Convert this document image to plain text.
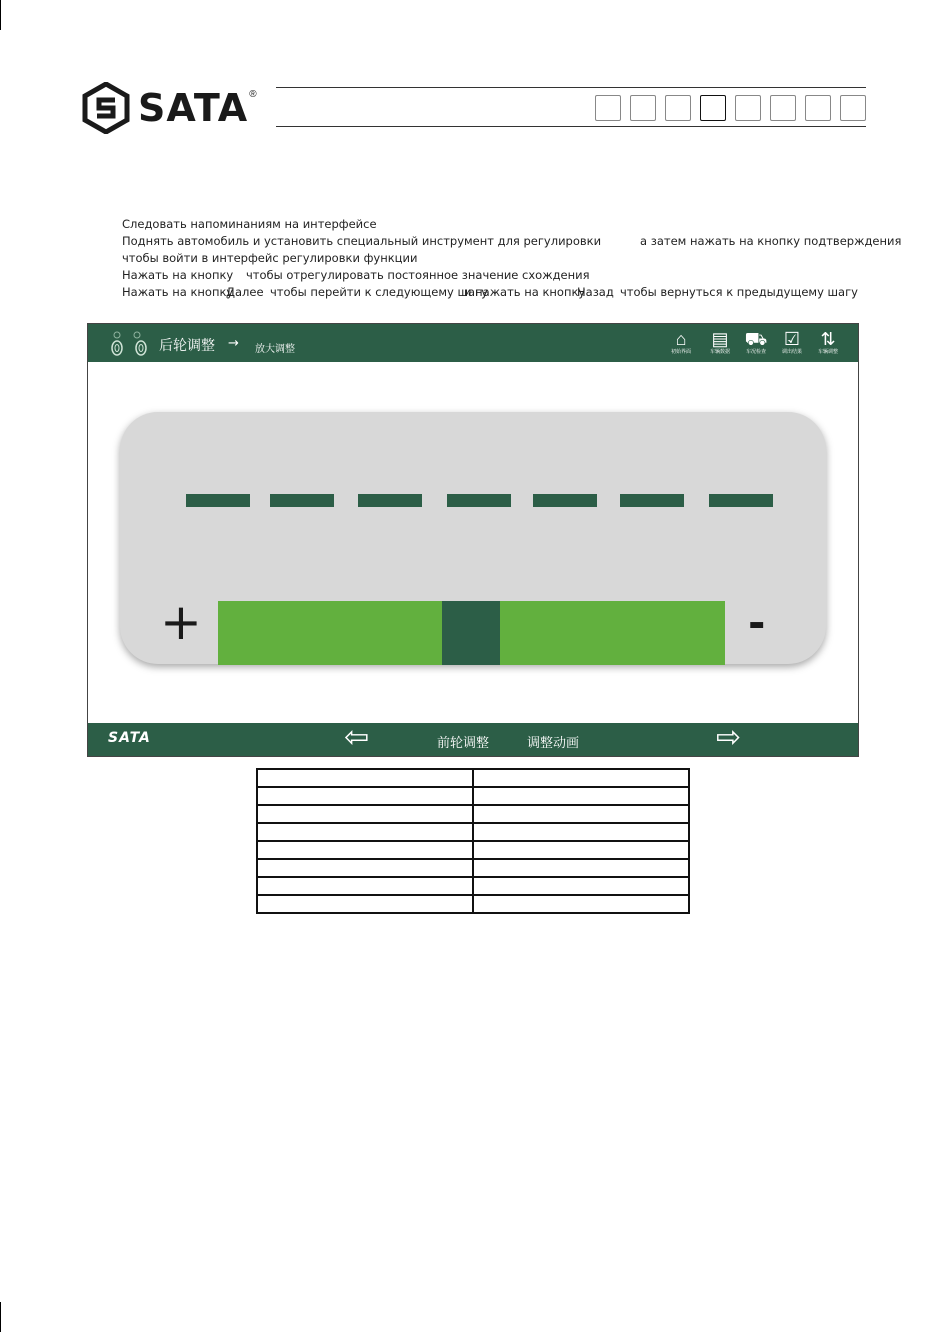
SATA ®
Следовать напоминаниям на интерфейсе
Поднять автомобиль и установить специальный инструмент для регулировки	а затем нажать на кнопку подтверждения
чтобы войти в интерфейс регулировки функции
Нажать на кнопку чтобы отрегулировать постоянное значение схождения
Нажать на кнопку
Далее чтобы перейти к следующему шагу
и нажать на кнопку
Назад чтобы вернуться к предыдущему шагу
后轮调整 → 放大调整
⌂
初始界面
▤
车辆数据
⛟
车况检查
☑
调出结果
⇅
车辆调整
+	-
SATA	⇦	前轮调整	调整动画	⇨
